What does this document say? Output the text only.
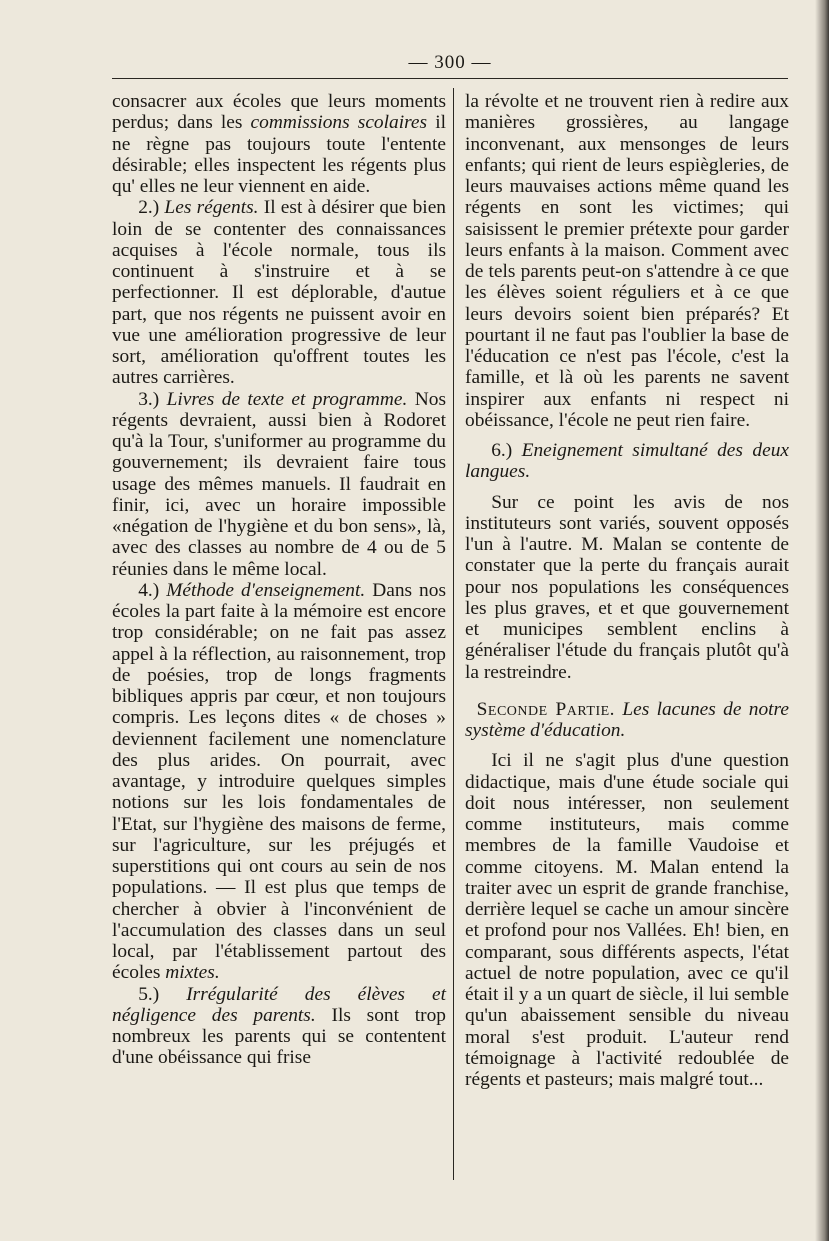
— 300 —

consacrer aux écoles que leurs moments perdus; dans les commissions scolaires il ne règne pas toujours toute l'entente désirable; elles inspectent les régents plus qu' elles ne leur viennent en aide.

2.) Les régents. Il est à désirer que bien loin de se contenter des connaissances acquises à l'école normale, tous ils continuent à s'instruire et à se perfectionner. Il est déplorable, d'autue part, que nos régents ne puissent avoir en vue une amélioration progressive de leur sort, amélioration qu'offrent toutes les autres carrières.

3.) Livres de texte et programme. Nos régents devraient, aussi bien à Rodoret qu'à la Tour, s'uniformer au programme du gouvernement; ils devraient faire tous usage des mêmes manuels. Il faudrait en finir, ici, avec un horaire impossible «négation de l'hygiène et du bon sens», là, avec des classes au nombre de 4 ou de 5 réunies dans le même local.

4.) Méthode d'enseignement. Dans nos écoles la part faite à la mémoire est encore trop considérable; on ne fait pas assez appel à la réflection, au raisonnement, trop de poésies, trop de longs fragments bibliques appris par cœur, et non toujours compris. Les leçons dites « de choses » deviennent facilement une nomenclature des plus arides. On pourrait, avec avantage, y introduire quelques simples notions sur les lois fondamentales de l'Etat, sur l'hygiène des maisons de ferme, sur l'agriculture, sur les préjugés et superstitions qui ont cours au sein de nos populations. — Il est plus que temps de chercher à obvier à l'inconvénient de l'accumulation des classes dans un seul local, par l'établissement partout des écoles mixtes.

5.) Irrégularité des élèves et négligence des parents. Ils sont trop nombreux les parents qui se contentent d'une obéissance qui frise

la révolte et ne trouvent rien à redire aux manières grossières, au langage inconvenant, aux mensonges de leurs enfants; qui rient de leurs espiègleries, de leurs mauvaises actions même quand les régents en sont les victimes; qui saisissent le premier prétexte pour garder leurs enfants à la maison. Comment avec de tels parents peut-on s'attendre à ce que les élèves soient réguliers et à ce que leurs devoirs soient bien préparés? Et pourtant il ne faut pas l'oublier la base de l'éducation ce n'est pas l'école, c'est la famille, et là où les parents ne savent inspirer aux enfants ni respect ni obéissance, l'école ne peut rien faire.

6.) Eneignement simultané des deux langues.

Sur ce point les avis de nos instituteurs sont variés, souvent opposés l'un à l'autre. M. Malan se contente de constater que la perte du français aurait pour nos populations les conséquences les plus graves, et et que gouvernement et municipes semblent enclins à généraliser l'étude du français plutôt qu'à la restreindre.

Seconde Partie. Les lacunes de notre système d'éducation.

Ici il ne s'agit plus d'une question didactique, mais d'une étude sociale qui doit nous intéresser, non seulement comme instituteurs, mais comme membres de la famille Vaudoise et comme citoyens. M. Malan entend la traiter avec un esprit de grande franchise, derrière lequel se cache un amour sincère et profond pour nos Vallées. Eh! bien, en comparant, sous différents aspects, l'état actuel de notre population, avec ce qu'il était il y a un quart de siècle, il lui semble qu'un abaissement sensible du niveau moral s'est produit. L'auteur rend témoignage à l'activité redoublée de régents et pasteurs; mais malgré tout...
